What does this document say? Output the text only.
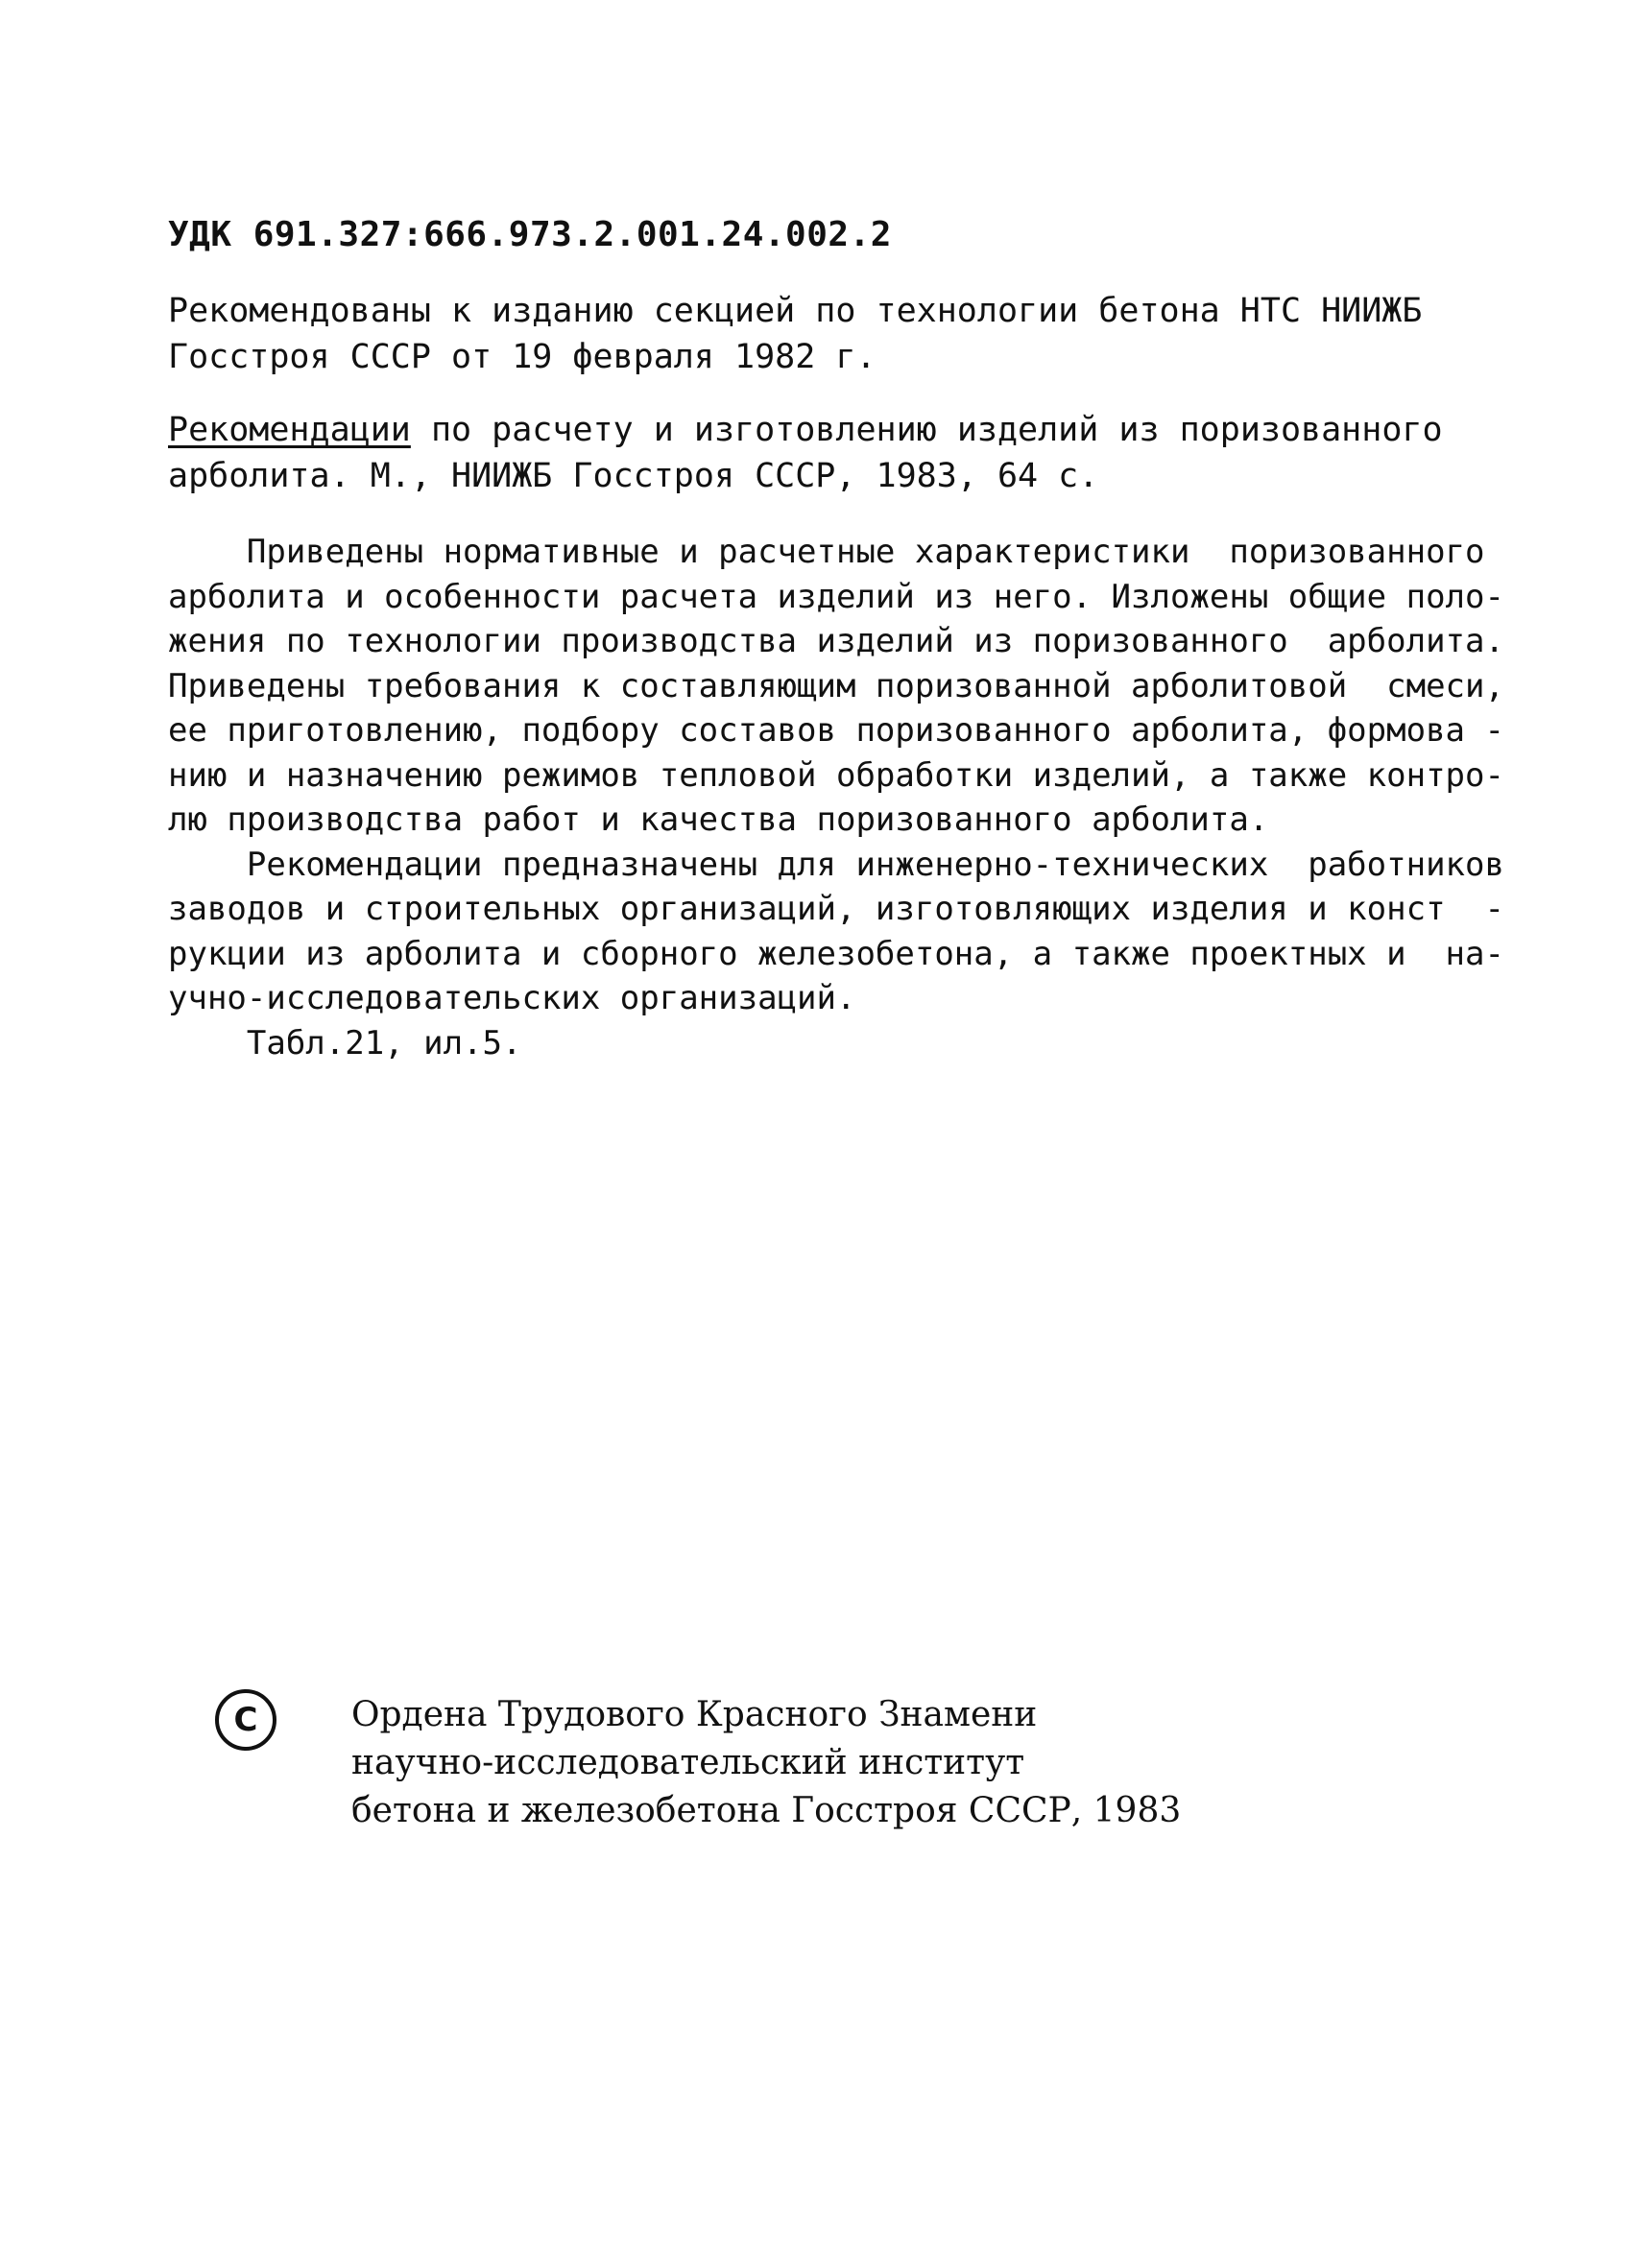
УДК 691.327:666.973.2.001.24.002.2
Рекомендованы к изданию секцией по технологии бетона НТС НИИЖБ
Госстроя СССР от 19 февраля 1982 г.
Рекомендации по расчету и изготовлению изделий из поризованного
арболита. М., НИИЖБ Госстроя СССР, 1983, 64 с.
Приведены нормативные и расчетные характеристики  поризованного
арболита и особенности расчета изделий из него. Изложены общие поло-
жения по технологии производства изделий из поризованного  арболита.
Приведены требования к составляющим поризованной арболитовой  смеси,
ее приготовлению, подбору составов поризованного арболита, формова -
нию и назначению режимов тепловой обработки изделий, а также контро-
лю производства работ и качества поризованного арболита.
Рекомендации предназначены для инженерно-технических  работников
заводов и строительных организаций, изготовляющих изделия и конст  -
рукции из арболита и сборного железобетона, а также проектных и  на-
учно-исследовательских организаций.
Табл.21, ил.5.
C	Ордена Трудового Красного Знамени
научно-исследовательский институт
бетона и железобетона Госстроя СССР, 1983
